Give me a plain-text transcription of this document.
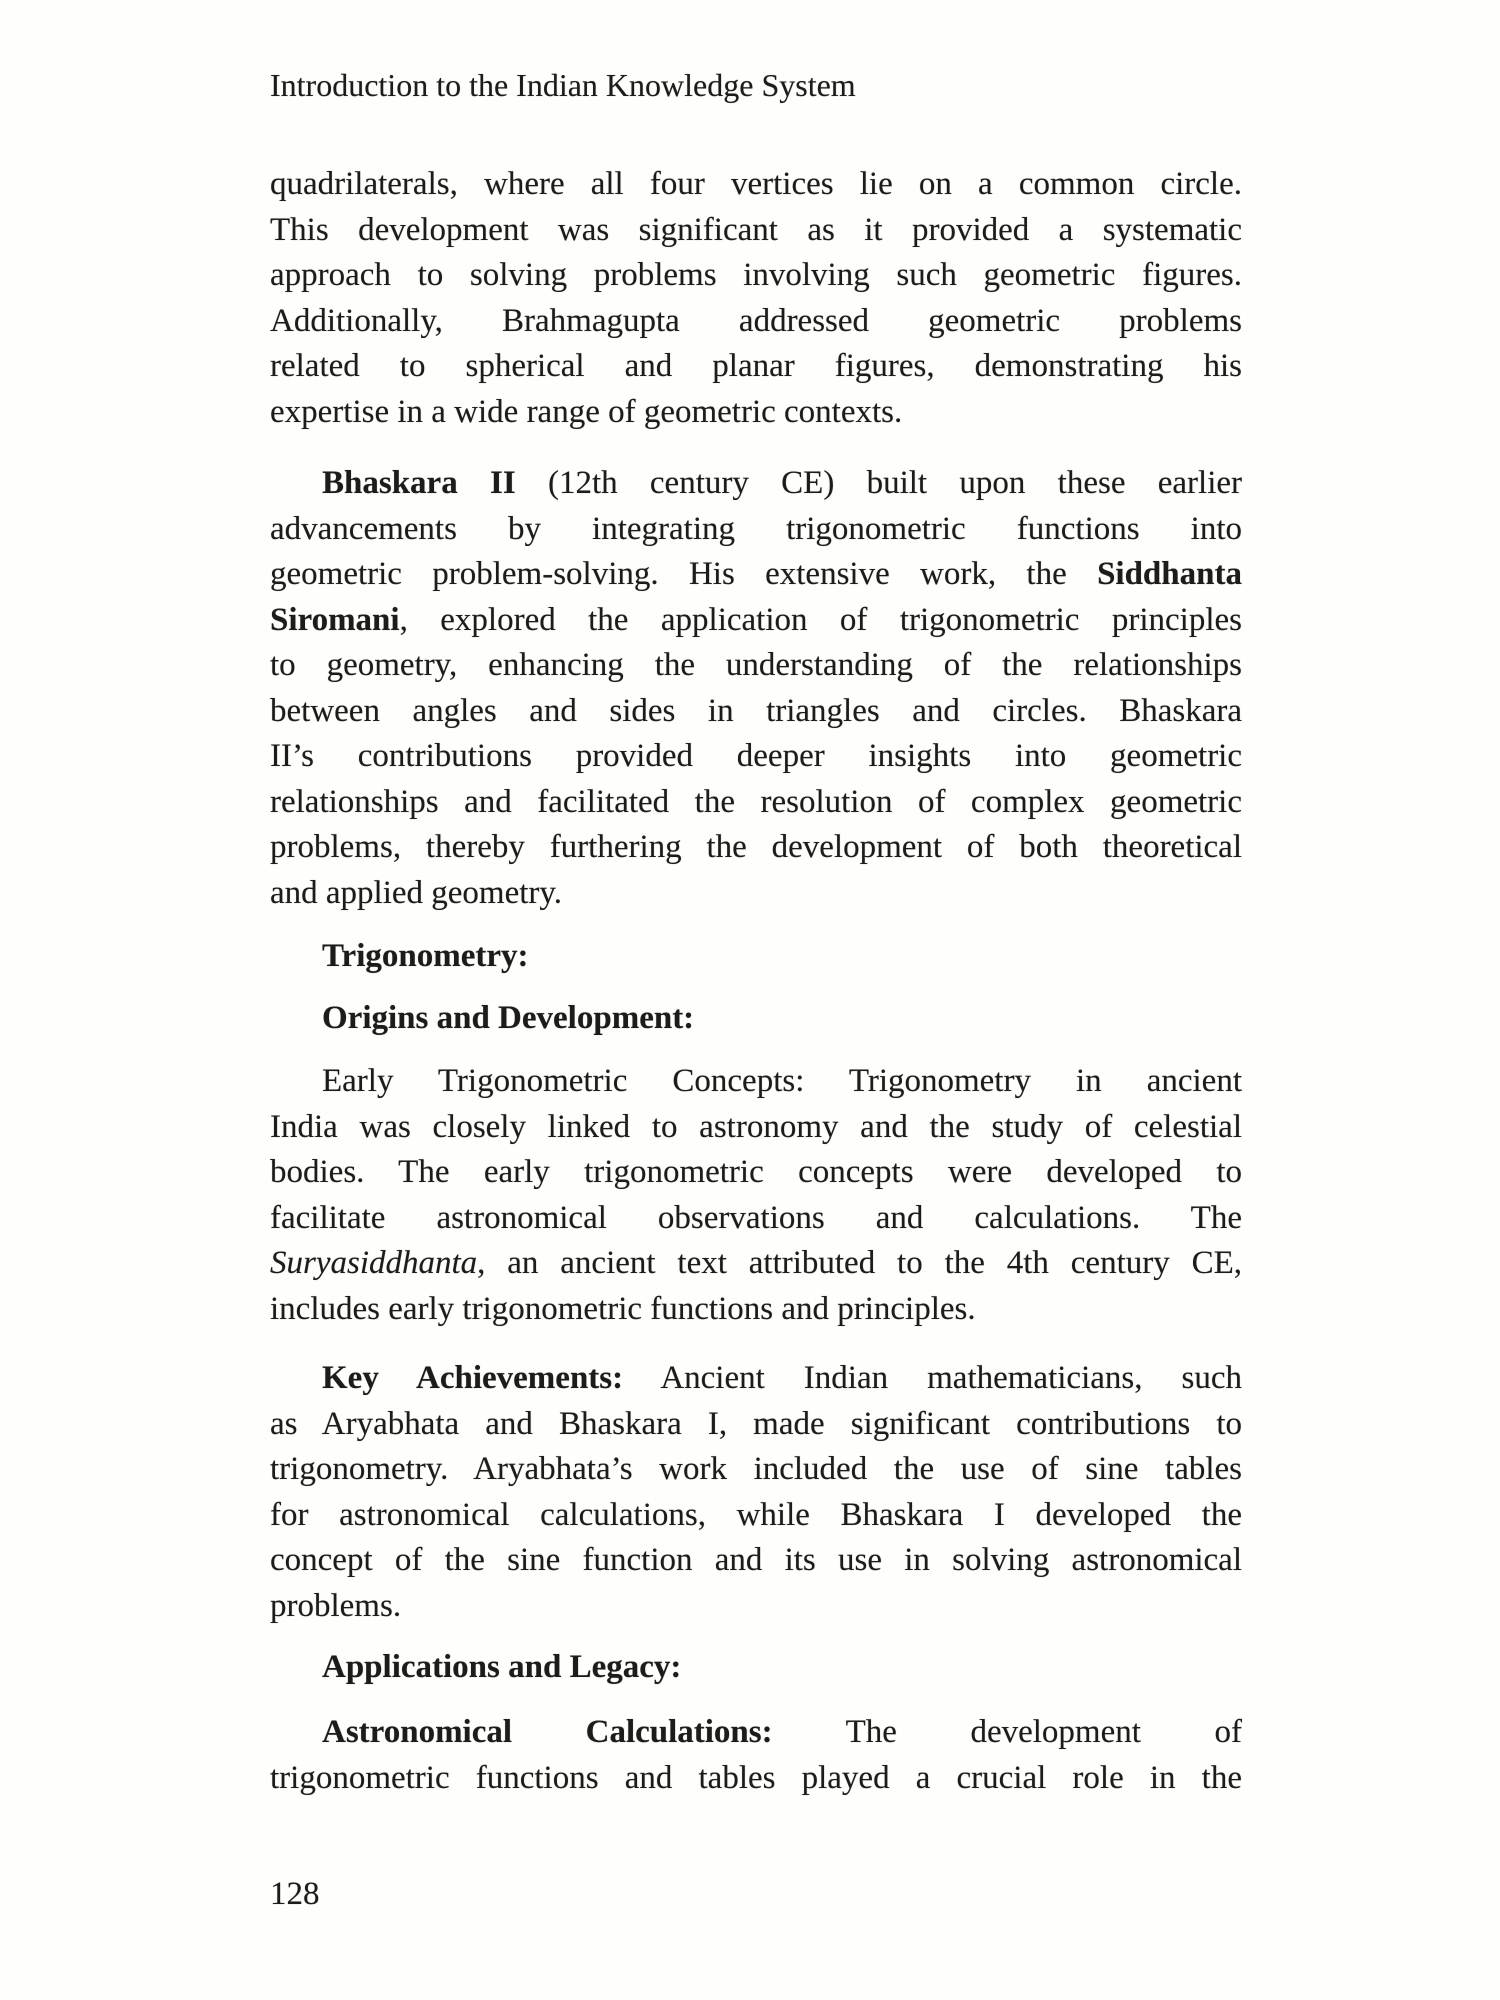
Introduction to the Indian Knowledge System
quadrilaterals, where all four vertices lie on a common circle.
This development was significant as it provided a systematic
approach to solving problems involving such geometric figures.
Additionally, Brahmagupta addressed geometric problems
related to spherical and planar figures, demonstrating his
expertise in a wide range of geometric contexts.
Bhaskara II (12th century CE) built upon these earlier
advancements by integrating trigonometric functions into
geometric problem-solving. His extensive work, the Siddhanta
Siromani, explored the application of trigonometric principles
to geometry, enhancing the understanding of the relationships
between angles and sides in triangles and circles. Bhaskara
II’s contributions provided deeper insights into geometric
relationships and facilitated the resolution of complex geometric
problems, thereby furthering the development of both theoretical
and applied geometry.
Trigonometry:
Origins and Development:
Early Trigonometric Concepts: Trigonometry in ancient
India was closely linked to astronomy and the study of celestial
bodies. The early trigonometric concepts were developed to
facilitate astronomical observations and calculations. The
Suryasiddhanta, an ancient text attributed to the 4th century CE,
includes early trigonometric functions and principles.
Key Achievements: Ancient Indian mathematicians, such
as Aryabhata and Bhaskara I, made significant contributions to
trigonometry. Aryabhata’s work included the use of sine tables
for astronomical calculations, while Bhaskara I developed the
concept of the sine function and its use in solving astronomical
problems.
Applications and Legacy:
Astronomical Calculations: The development of
trigonometric functions and tables played a crucial role in the
128
